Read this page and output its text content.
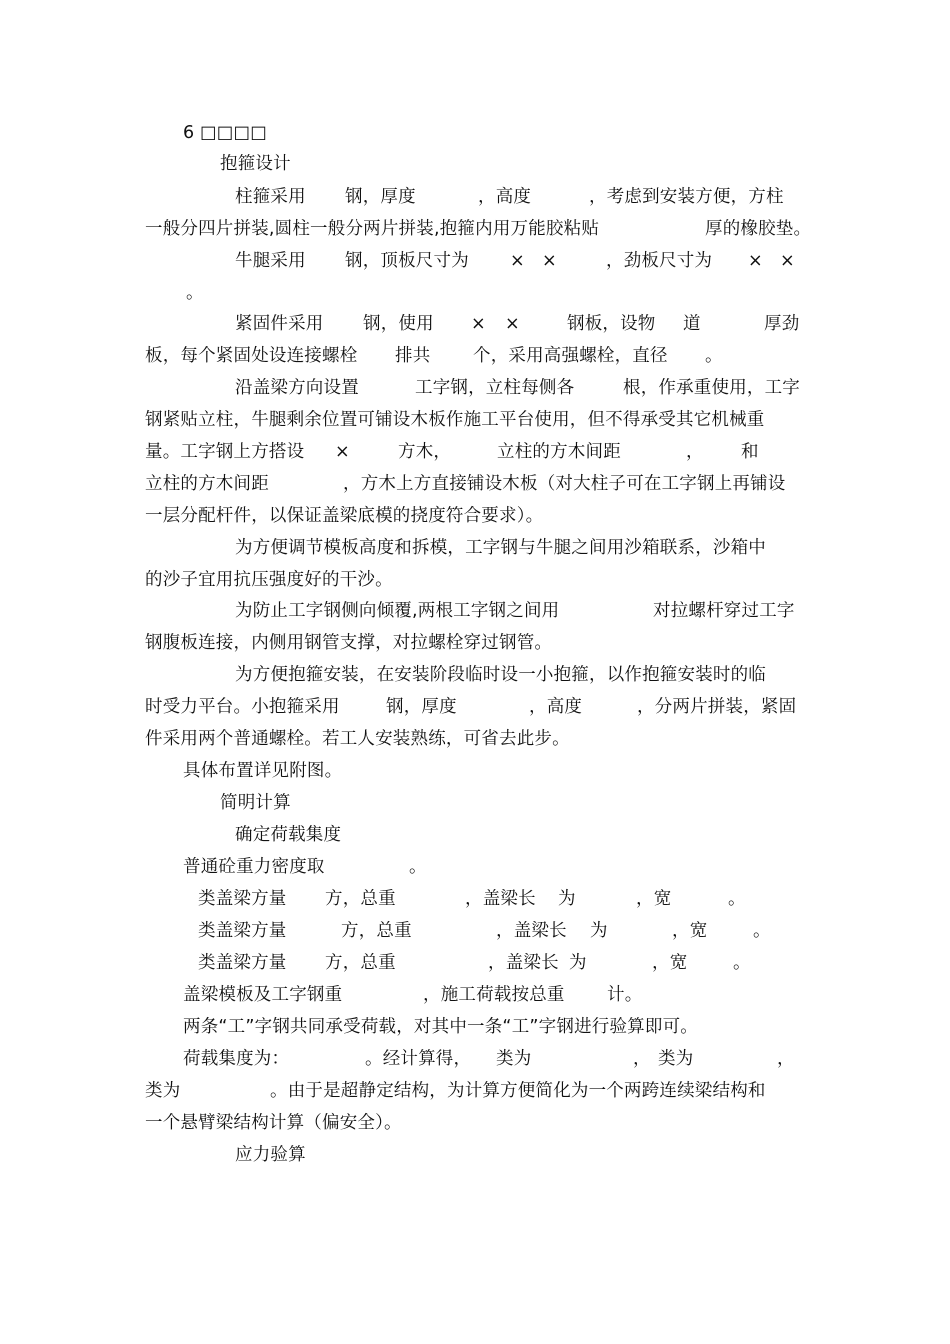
6 □□□□
抱箍设计
柱箍采用 钢，厚度	，高度	，考虑到安装方便，方柱
一般分四片拼装,圆柱一般分两片拼装,抱箍内用万能胶粘贴	厚的橡胶垫。
牛腿采用 钢，顶板尺寸为 × ×	，劲板尺寸为 × ×
。
紧固件采用 钢，使用 × ×	钢板，设物 道	厚劲
板，每个紧固处设连接螺栓 排共 个，采用高强螺栓，直径 。
沿盖梁方向设置	工字钢，立柱每侧各	根，作承重使用，工字
钢紧贴立柱，牛腿剩余位置可铺设木板作施工平台使用，但不得承受其它机械重
量。工字钢上方搭设 ×	方木，	立柱的方木间距	， 和
立柱的方木间距	，方木上方直接铺设木板（对大柱子可在工字钢上再铺设
一层分配杆件，以保证盖梁底模的挠度符合要求）。
为方便调节模板高度和拆模，工字钢与牛腿之间用沙箱联系，沙箱中
的沙子宜用抗压强度好的干沙。
为防止工字钢侧向倾覆,两根工字钢之间用	对拉螺杆穿过工字
钢腹板连接，内侧用钢管支撑，对拉螺栓穿过钢管。
为方便抱箍安装，在安装阶段临时设一小抱箍，以作抱箍安装时的临
时受力平台。小抱箍采用	钢，厚度	，高度	，分两片拼装，紧固
件采用两个普通螺栓。若工人安装熟练，可省去此步。
具体布置详见附图。
简明计算
确定荷载集度
普通砼重力密度取	。
类盖梁方量 方，总重	，盖梁长 为	，宽	。
类盖梁方量	方，总重	，盖梁长 为	，宽	。
类盖梁方量 方，总重	，盖梁长 为	，宽	。
盖梁模板及工字钢重	，施工荷载按总重 计。
两条“工”字钢共同承受荷载，对其中一条“工”字钢进行验算即可。
荷载集度为：	。经计算得， 类为	， 类为	，
类为	。由于是超静定结构，为计算方便简化为一个两跨连续梁结构和
一个悬臂梁结构计算（偏安全）。
应力验算
